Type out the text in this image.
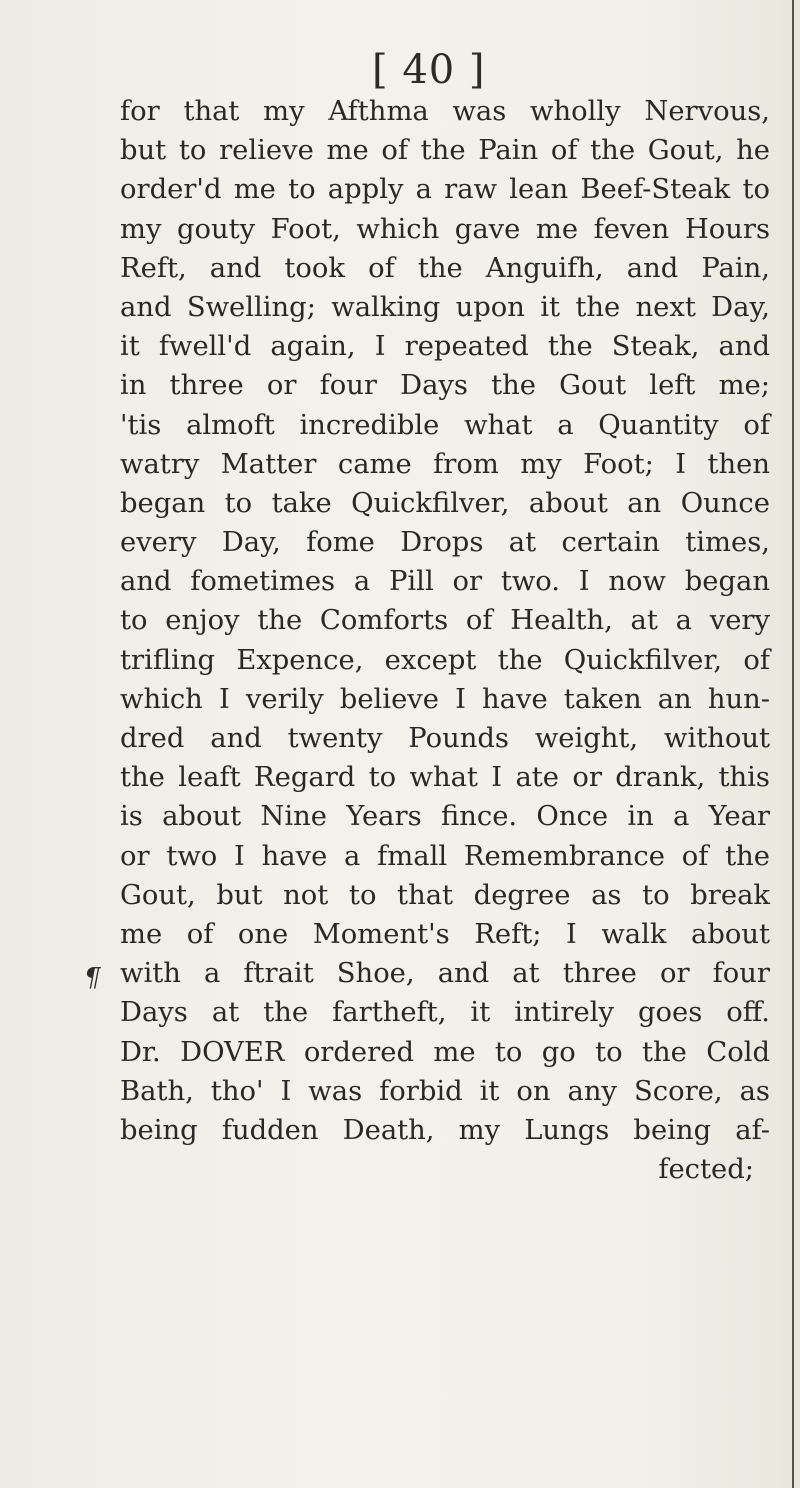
[ 40 ]
¶
for that my Afthma was wholly Nervous,
but to relieve me of the Pain of the Gout, he
order'd me to apply a raw lean Beef-Steak to
my gouty Foot, which gave me feven Hours
Reft, and took of the Anguifh, and Pain,
and Swelling; walking upon it the next Day,
it fwell'd again, I repeated the Steak, and
in three or four Days the Gout left me;
'tis almoft incredible what a Quantity of
watry Matter came from my Foot; I then
began to take Quickfilver, about an Ounce
every Day, fome Drops at certain times,
and fometimes a Pill or two. I now began
to enjoy the Comforts of Health, at a very
trifling Expence, except the Quickfilver, of
which I verily believe I have taken an hun-
dred and twenty Pounds weight, without
the leaft Regard to what I ate or drank, this
is about Nine Years fince. Once in a Year
or two I have a fmall Remembrance of the
Gout, but not to that degree as to break
me of one Moment's Reft; I walk about
with a ftrait Shoe, and at three or four
Days at the fartheft, it intirely goes off.
Dr. DOVER ordered me to go to the Cold
Bath, tho' I was forbid it on any Score, as
being fudden Death, my Lungs being af-
fected;
